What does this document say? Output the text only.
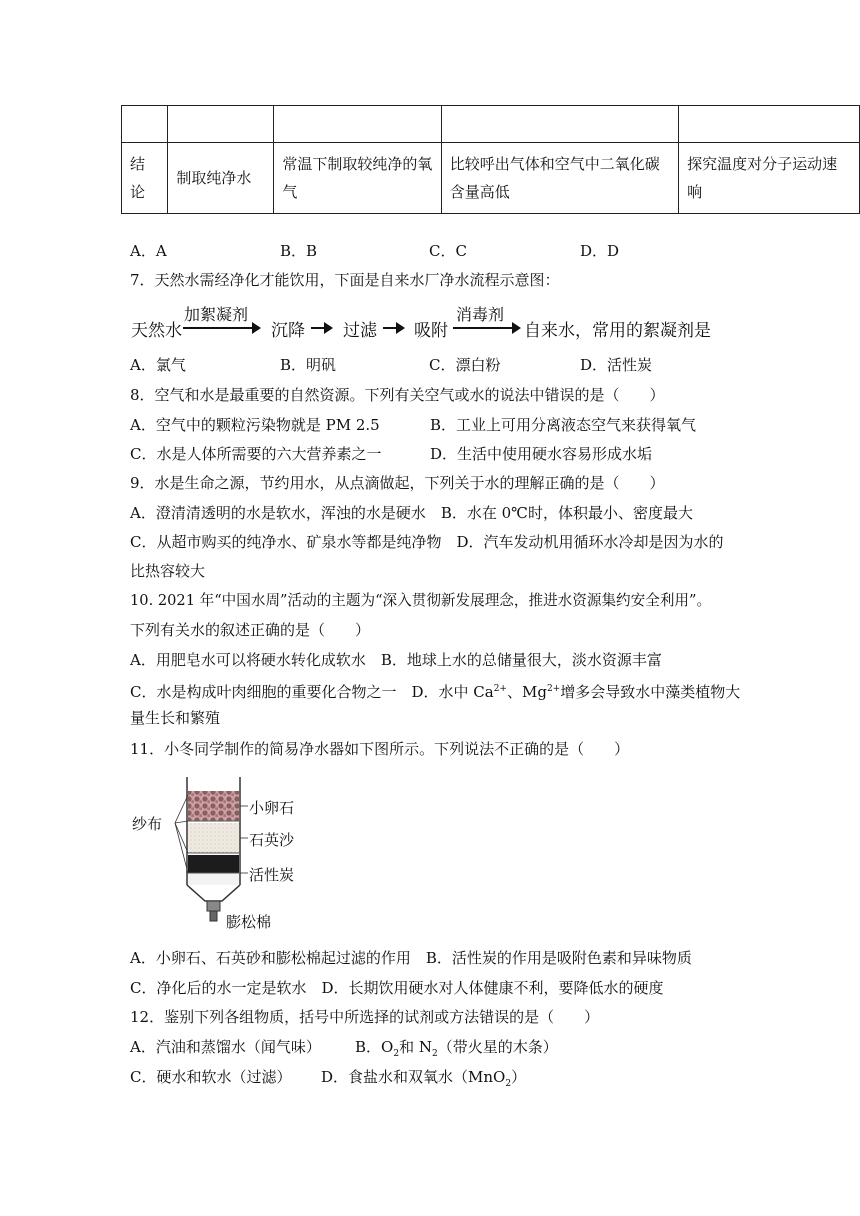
结论	制取纯净水	常温下制取较纯净的氧气	比较呼出气体和空气中二氧化碳含量高低	探究温度对分子运动速响
A．A	B．B	C．C	D．D
7．天然水需经净化才能饮用，下面是自来水厂净水流程示意图：
天然水
加絮凝剂
沉降 过滤 吸附
消毒剂
自来水，常用的絮凝剂是
A．氯气	B．明矾	C．漂白粉	D．活性炭
8．空气和水是最重要的自然资源。下列有关空气或水的说法中错误的是（　　）
A．空气中的颗粒污染物就是 PM 2.5	B．工业上可用分离液态空气来获得氧气
C．水是人体所需要的六大营养素之一	D．生活中使用硬水容易形成水垢
9．水是生命之源，节约用水，从点滴做起，下列关于水的理解正确的是（　　）
A．澄清清透明的水是软水，浑浊的水是硬水　B．水在 0℃时，体积最小、密度最大
C．从超市购买的纯净水、矿泉水等都是纯净物　D．汽车发动机用循环水冷却是因为水的
比热容较大
10. 2021 年“中国水周”活动的主题为“深入贯彻新发展理念，推进水资源集约安全利用”。
下列有关水的叙述正确的是（　　）
A．用肥皂水可以将硬水转化成软水　B．地球上水的总储量很大，淡水资源丰富
C．水是构成叶肉细胞的重要化合物之一　D．水中 $Ca^{2+}$、$Mg^{2+}$增多会导致水中藻类植物大
量生长和繁殖
11．小冬同学制作的简易净水器如下图所示。下列说法不正确的是（　　）
纱布
小卵石
石英沙
活性炭
膨松棉
A．小卵石、石英砂和膨松棉起过滤的作用　B．活性炭的作用是吸附色素和异味物质
C．净化后的水一定是软水　D．长期饮用硬水对人体健康不利，要降低水的硬度
12．鉴别下列各组物质，括号中所选择的试剂或方法错误的是（　　）
A．汽油和蒸馏水（闻气味） B．$O_2$和 $N_2$（带火星的木条）
C．硬水和软水（过滤） D．食盐水和双氧水（MnO$_2$）
